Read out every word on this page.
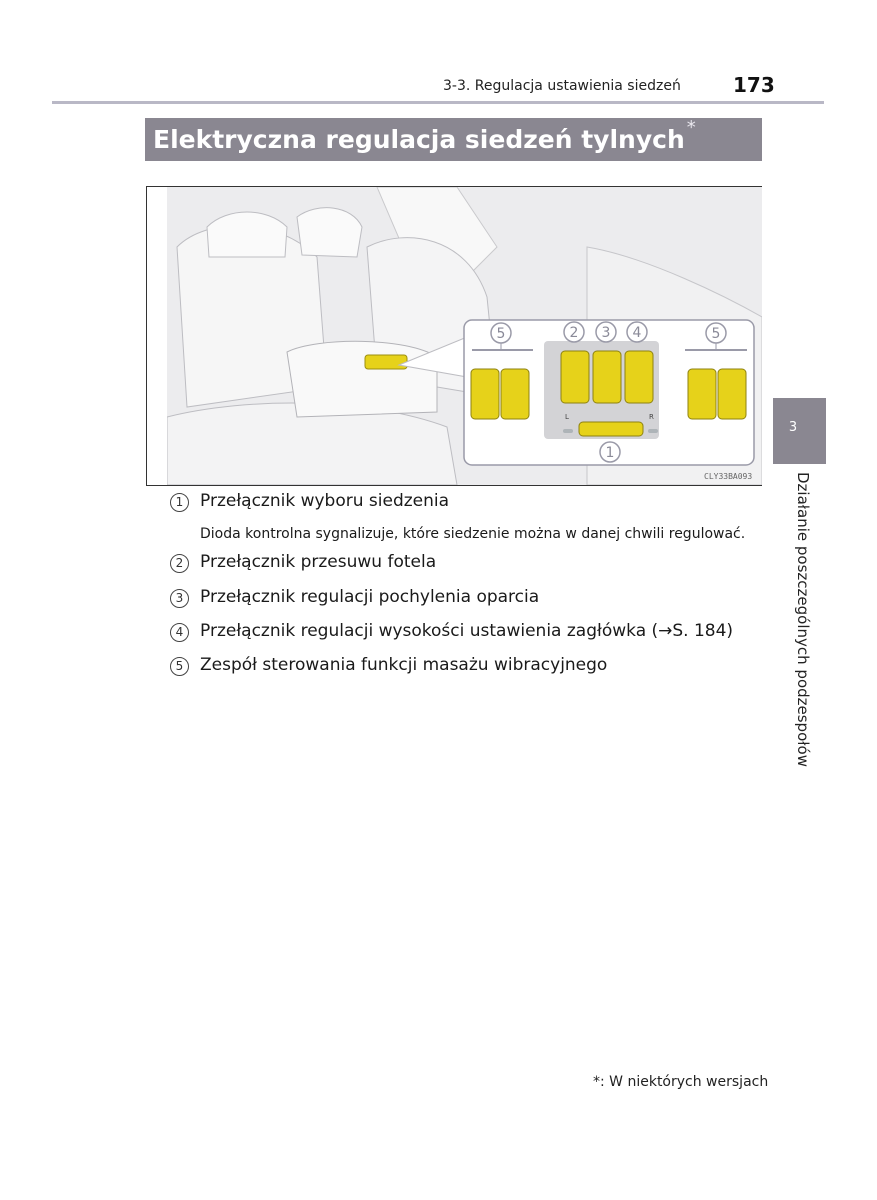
3-3. Regulacja ustawienia siedzeń	173
Elektryczna regulacja siedzeń tylnych *
5	2 3 4
L	R
1
5
CLY33BA093
1 Przełącznik wyboru siedzenia
Dioda kontrolna sygnalizuje, które siedzenie można w danej chwili regulować.
2 Przełącznik przesuwu fotela
3 Przełącznik regulacji pochylenia oparcia
4 Przełącznik regulacji wysokości ustawienia zagłówka (→S. 184)
5 Zespół sterowania funkcji masażu wibracyjnego
3
Działanie poszczególnych podzespołów
*: W niektórych wersjach
